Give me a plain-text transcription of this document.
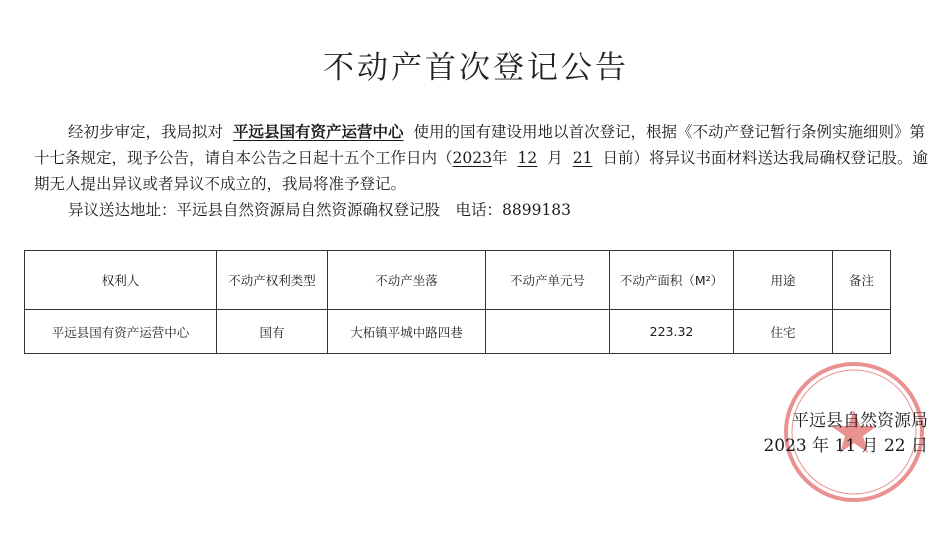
不动产首次登记公告
经初步审定，我局拟对 平远县国有资产运营中心 使用的国有建设用地以首次登记，根据《不动产登记暂行条例实施细则》第十七条规定，现予公告，请自本公告之日起十五个工作日内（2023年 12 月 21 日前）将异议书面材料送达我局确权登记股。逾期无人提出异议或者异议不成立的，我局将准予登记。
异议送达地址：平远县自然资源局自然资源确权登记股　电话：8899183
权利人	不动产权利类型	不动产坐落	不动产单元号	不动产面积（M²）	用途	备注
平远县国有资产运营中心	国有	大柘镇平城中路四巷		223.32	住宅	
平远县自然资源局
2023 年 11 月 22 日
